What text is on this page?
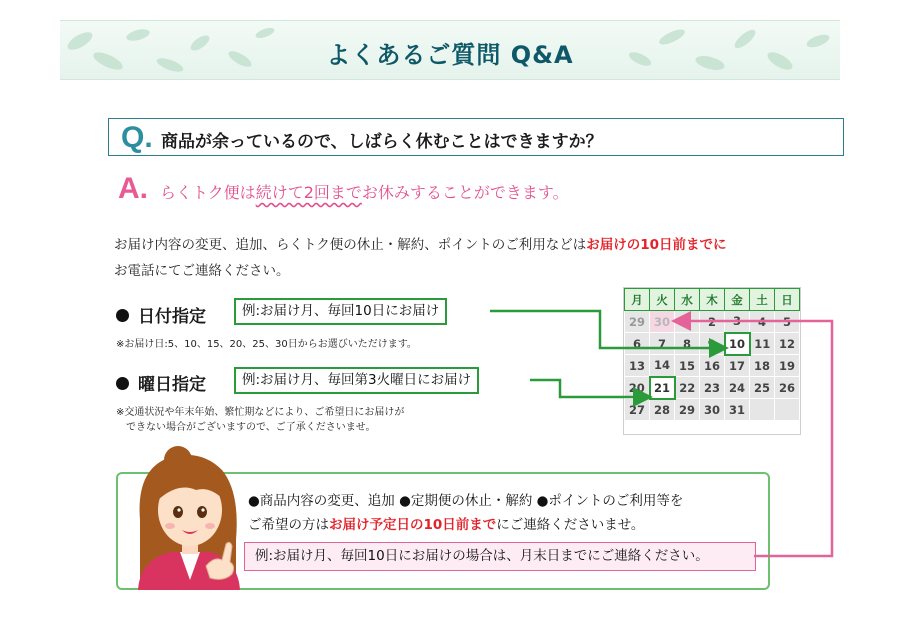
よくあるご質問 Q&A
Q. 商品が余っているので、しばらく休むことはできますか？
A. らくトク便は続けて2回までお休みすることができます。
お届け内容の変更、追加、らくトク便の休止・解約、ポイントのご利用などはお届けの10日前までに
お電話にてご連絡ください。
日付指定	例:お届け月、毎回10日にお届け
※お届け日:5、10、15、20、25、30日からお選びいただけます。
曜日指定	例:お届け月、毎回第3火曜日にお届け
※交通状況や年末年始、繁忙期などにより、ご希望日にお届けが
　できない場合がございますので、ご了承くださいませ。
月	火	水	木	金	土	日
29	30	1	2	3	4	5
6	7	8	9	10	11	12
13	14	15	16	17	18	19
20	21	22	23	24	25	26
27	28	29	30	31		
●商品内容の変更、追加 ●定期便の休止・解約 ●ポイントのご利用等を
ご希望の方はお届け予定日の10日前までにご連絡くださいませ。
例:お届け月、毎回10日にお届けの場合は、月末日までにご連絡ください。
